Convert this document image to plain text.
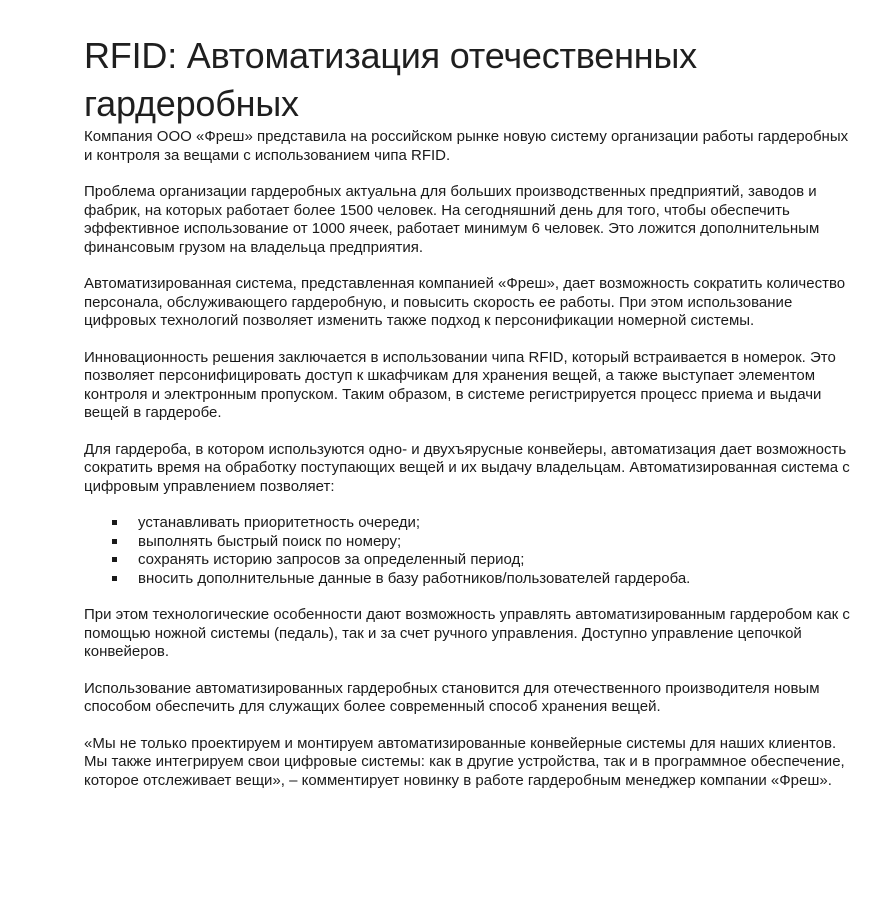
RFID: Автоматизация отечественных
гардеробных

Компания ООО «Фреш» представила на российском рынке новую систему организации работы гардеробных и контроля за вещами с использованием чипа RFID.

Проблема организации гардеробных актуальна для больших производственных предприятий, заводов и фабрик, на которых работает более 1500 человек. На сегодняшний день для того, чтобы обеспечить эффективное использование от 1000 ячеек, работает минимум 6 человек. Это ложится дополнительным финансовым грузом на владельца предприятия.

Автоматизированная система, представленная компанией «Фреш», дает возможность сократить количество персонала, обслуживающего гардеробную, и повысить скорость ее работы. При этом использование цифровых технологий позволяет изменить также подход к персонификации номерной системы.

Инновационность решения заключается в использовании чипа RFID, который встраивается в номерок. Это позволяет персонифицировать доступ к шкафчикам для хранения вещей, а также выступает элементом контроля и электронным пропуском. Таким образом, в системе регистрируется процесс приема и выдачи вещей в гардеробе.

Для гардероба, в котором используются одно- и двухъярусные конвейеры, автоматизация дает возможность сократить время на обработку поступающих вещей и их выдачу владельцам. Автоматизированная система с цифровым управлением позволяет:

устанавливать приоритетность очереди;
выполнять быстрый поиск по номеру;
сохранять историю запросов за определенный период;
вносить дополнительные данные в базу работников/пользователей гардероба.

При этом технологические особенности дают возможность управлять автоматизированным гардеробом как с помощью ножной системы (педаль), так и за счет ручного управления. Доступно управление цепочкой конвейеров.

Использование автоматизированных гардеробных становится для отечественного производителя новым способом обеспечить для служащих более современный способ хранения вещей.

«Мы не только проектируем и монтируем автоматизированные конвейерные системы для наших клиентов. Мы также интегрируем свои цифровые системы: как в другие устройства, так и в программное обеспечение, которое отслеживает вещи», – комментирует новинку в работе гардеробным менеджер компании «Фреш».
